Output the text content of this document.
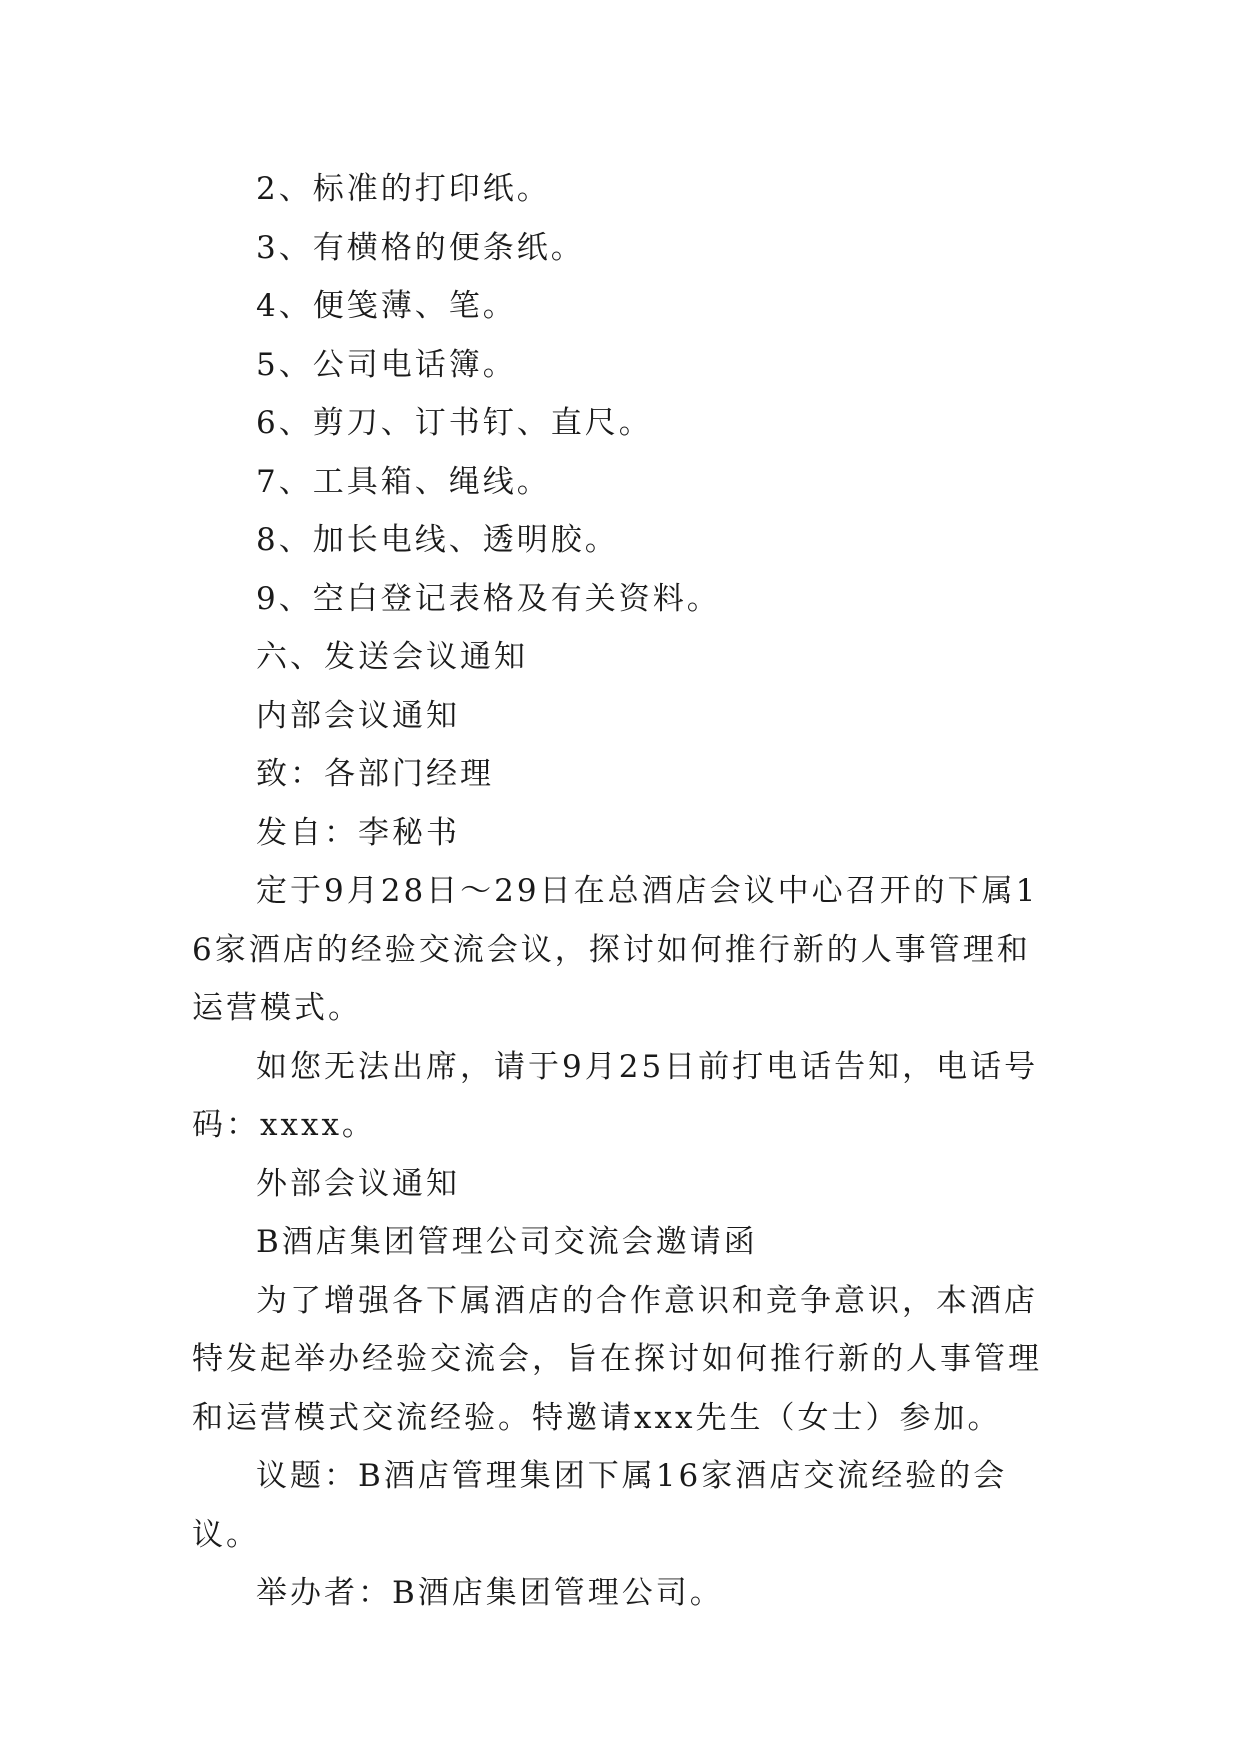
2、标准的打印纸。

3、有横格的便条纸。

4、便笺薄、笔。

5、公司电话簿。

6、剪刀、订书钉、直尺。

7、工具箱、绳线。

8、加长电线、透明胶。

9、空白登记表格及有关资料。

六、发送会议通知

内部会议通知

致：各部门经理

发自：李秘书

定于9月28日～29日在总酒店会议中心召开的下属16家酒店的经验交流会议，探讨如何推行新的人事管理和运营模式。

如您无法出席，请于9月25日前打电话告知，电话号码：xxxx。

外部会议通知

B酒店集团管理公司交流会邀请函

为了增强各下属酒店的合作意识和竞争意识，本酒店特发起举办经验交流会，旨在探讨如何推行新的人事管理和运营模式交流经验。特邀请xxx先生（女士）参加。

议题：B酒店管理集团下属16家酒店交流经验的会议。

举办者：B酒店集团管理公司。
